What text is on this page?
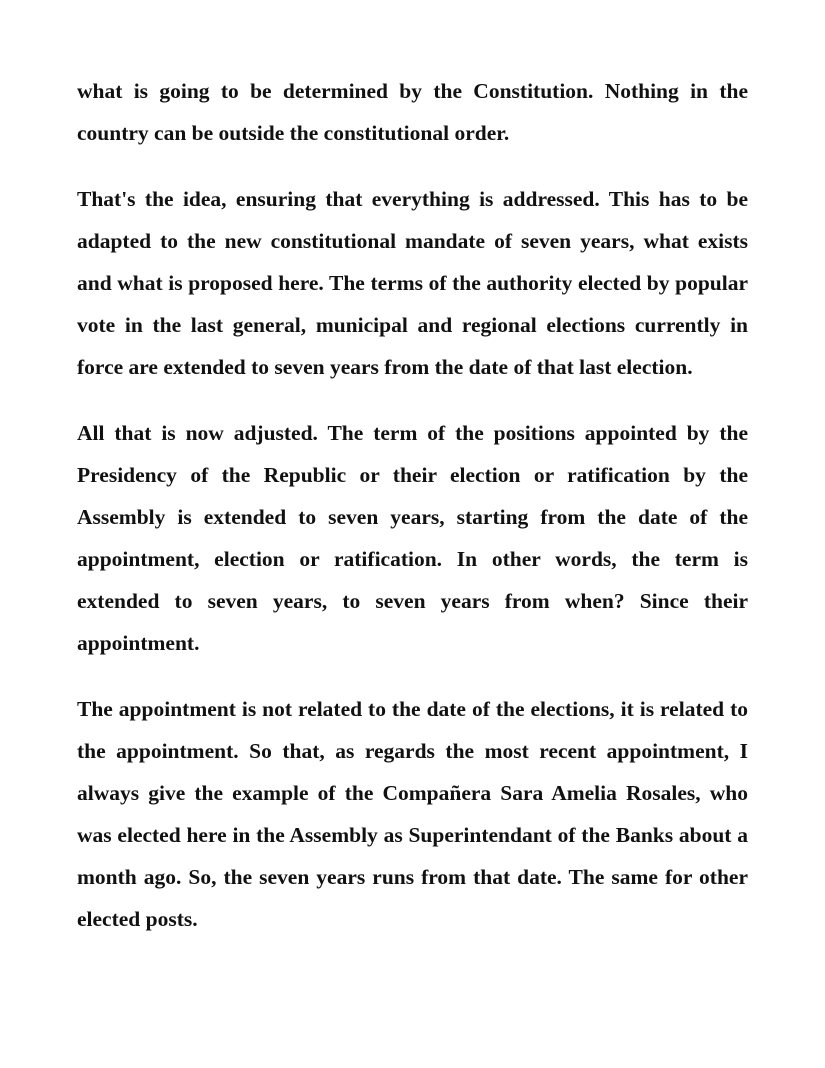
what is going to be determined by the Constitution. Nothing in the country can be outside the constitutional order.

That's the idea, ensuring that everything is addressed. This has to be adapted to the new constitutional mandate of seven years, what exists and what is proposed here. The terms of the authority elected by popular vote in the last general, municipal and regional elections currently in force are extended to seven years from the date of that last election.

All that is now adjusted. The term of the positions appointed by the Presidency of the Republic or their election or ratification by the Assembly is extended to seven years, starting from the date of the appointment, election or ratification. In other words, the term is extended to seven years, to seven years from when? Since their appointment.

The appointment is not related to the date of the elections, it is related to the appointment. So that, as regards the most recent appointment, I always give the example of the Compañera Sara Amelia Rosales, who was elected here in the Assembly as Superintendant of the Banks about a month ago. So, the seven years runs from that date. The same for other elected posts.
